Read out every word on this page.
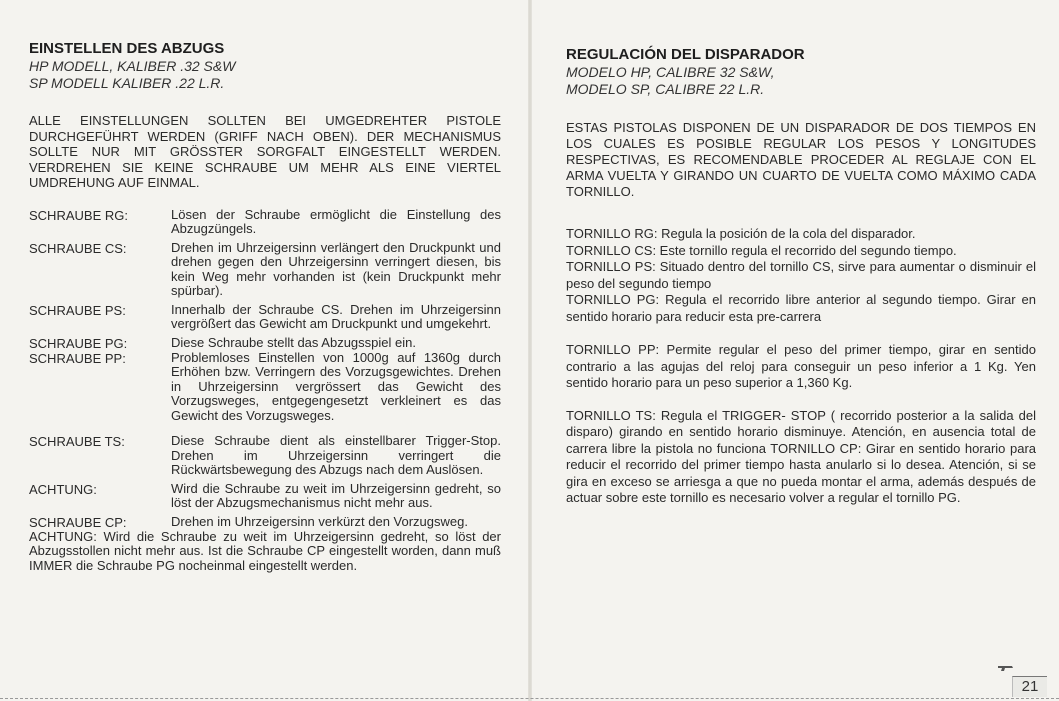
EINSTELLEN DES ABZUGS

HP MODELL, KALIBER .32 S&W

SP MODELL KALIBER .22 L.R.

ALLE EINSTELLUNGEN SOLLTEN BEI UMGEDREHTER PISTOLE DURCHGEFÜHRT WERDEN (GRIFF NACH OBEN). DER MECHANISMUS SOLLTE NUR MIT GRÖSSTER SORGFALT EINGESTELLT WERDEN. VERDREHEN SIE KEINE SCHRAUBE UM MEHR ALS EINE VIERTEL UMDREHUNG AUF EINMAL.

SCHRAUBE RG:	Lösen der Schraube ermöglicht die Einstellung des Abzugzüngels.
SCHRAUBE CS:	Drehen im Uhrzeigersinn verlängert den Druckpunkt und drehen gegen den Uhrzeigersinn verringert diesen, bis kein Weg mehr vorhanden ist (kein Druckpunkt mehr spürbar).
SCHRAUBE PS:	Innerhalb der Schraube CS. Drehen im Uhrzeigersinn vergrößert das Gewicht am Druckpunkt und umgekehrt.
SCHRAUBE PG:	Diese Schraube stellt das Abzugsspiel ein.
SCHRAUBE PP:	Problemloses Einstellen von 1000g auf 1360g durch Erhöhen bzw. Verringern des Vorzugsgewichtes. Drehen in Uhrzeigersinn vergrössert das Gewicht des Vorzugsweges, entgegengesetzt verkleinert es das Gewicht des Vorzugsweges.
SCHRAUBE TS:	Diese Schraube dient als einstellbarer Trigger-Stop. Drehen im Uhrzeigersinn verringert die Rückwärtsbewegung des Abzugs nach dem Auslösen.
ACHTUNG:	Wird die Schraube zu weit im Uhrzeigersinn gedreht, so löst der Abzugsmechanismus nicht mehr aus.
SCHRAUBE CP:	Drehen im Uhrzeigersinn verkürzt den Vorzugsweg.

ACHTUNG: Wird die Schraube zu weit im Uhrzeigersinn gedreht, so löst der Abzugsstollen nicht mehr aus. Ist die Schraube CP eingestellt worden, dann muß IMMER die Schraube PG nocheinmal eingestellt werden.

REGULACIÓN DEL DISPARADOR

MODELO HP, CALIBRE 32 S&W,

MODELO SP, CALIBRE 22 L.R.

ESTAS PISTOLAS DISPONEN DE UN DISPARADOR DE DOS TIEMPOS EN LOS CUALES ES POSIBLE REGULAR LOS PESOS Y LONGITUDES RESPECTIVAS, ES RECOMENDABLE PROCEDER AL REGLAJE CON EL ARMA VUELTA Y GIRANDO UN CUARTO DE VUELTA COMO MÁXIMO CADA TORNILLO.

TORNILLO RG: Regula la posición de la cola del disparador.

TORNILLO CS: Este tornillo regula el recorrido del segundo tiempo.

TORNILLO PS: Situado dentro del tornillo CS, sirve para aumentar o disminuir el peso del segundo tiempo

TORNILLO PG: Regula el recorrido libre anterior al segundo tiempo. Girar en sentido horario para reducir esta pre-carrera

TORNILLO PP: Permite regular el peso del primer tiempo, girar en sentido contrario a las agujas del reloj para conseguir un peso inferior a 1 Kg. Yen sentido horario para un peso superior a 1,360 Kg.

TORNILLO TS: Regula el TRIGGER- STOP ( recorrido posterior a la salida del disparo) girando en sentido horario disminuye. Atención, en ausencia total de carrera libre la pistola no funciona TORNILLO CP: Girar en sentido horario para reducir el recorrido del primer tiempo hasta anularlo si lo desea. Atención, si se gira en exceso se arriesga a que no pueda montar el arma, además después de actuar sobre este tornillo es necesario volver a regular el tornillo PG.

21
